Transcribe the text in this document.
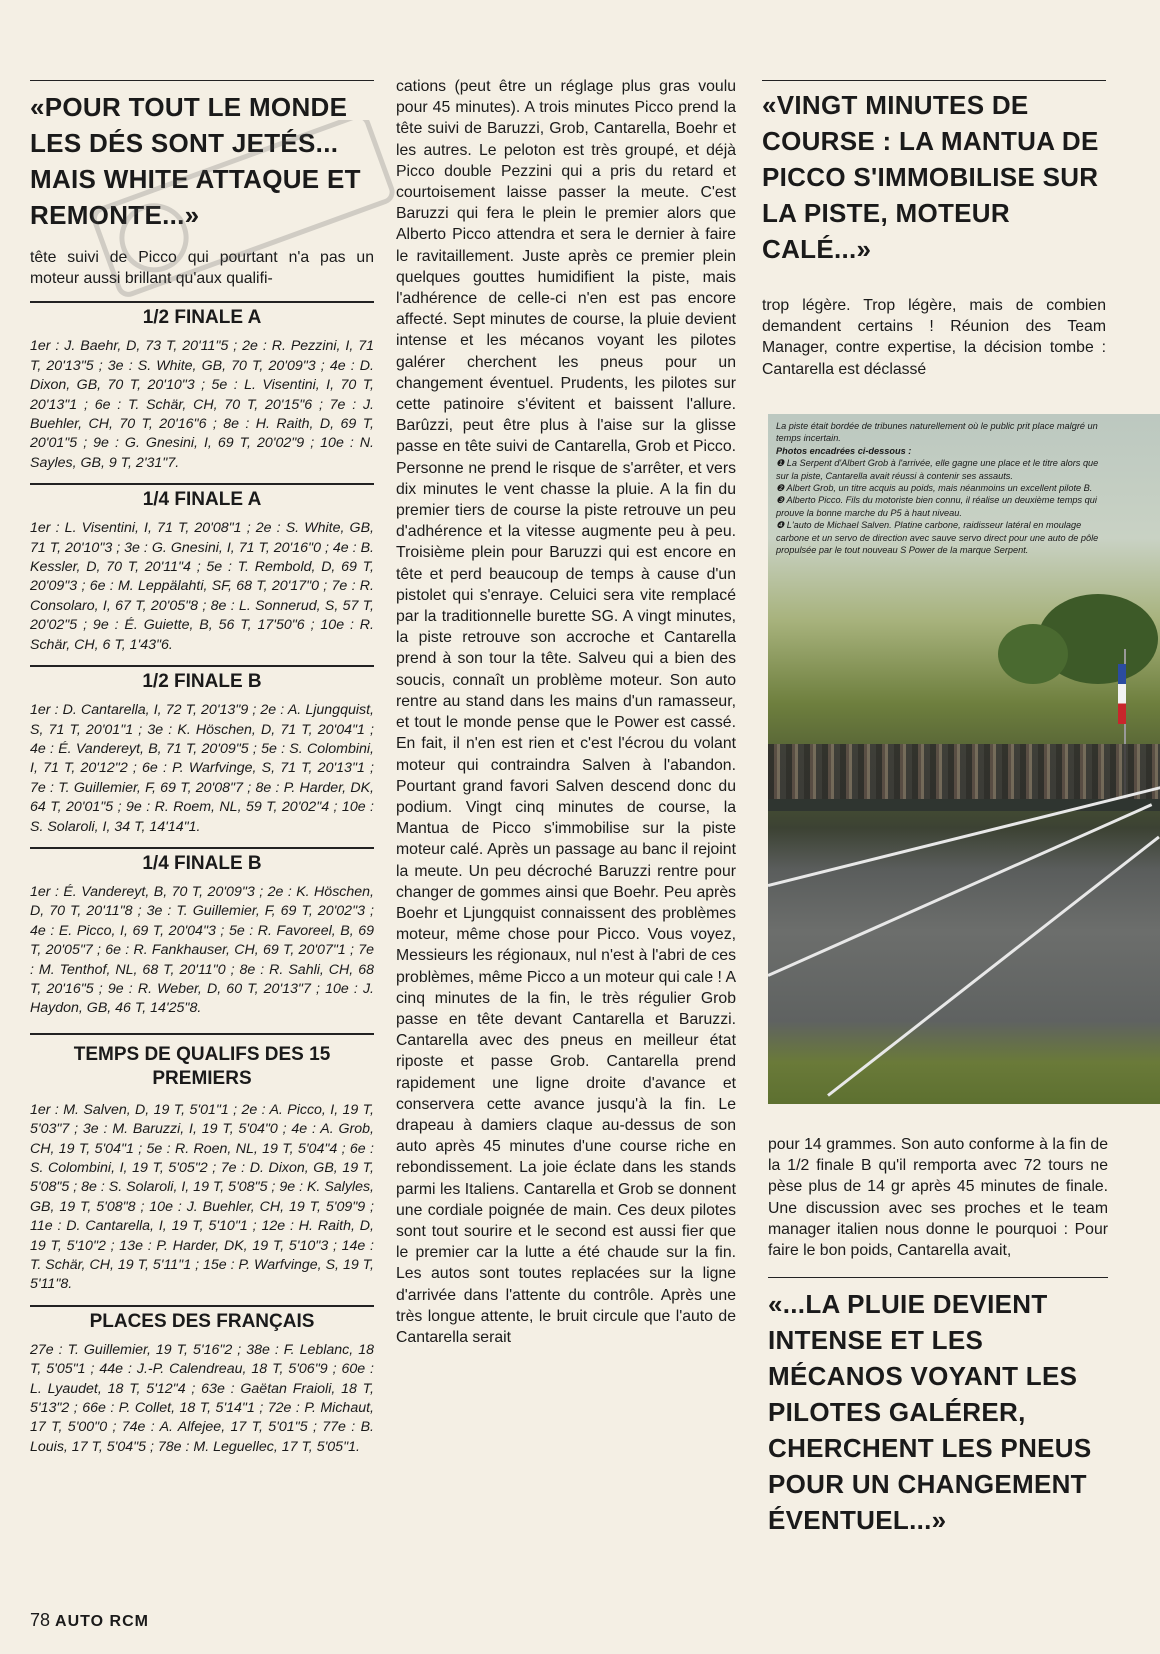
«POUR TOUT LE MONDE LES DÉS SONT JETÉS... MAIS WHITE ATTAQUE ET REMONTE...»

tête suivi de Picco qui pourtant n'a pas un moteur aussi brillant qu'aux qualifi-

1/2 FINALE A

1er : J. Baehr, D, 73 T, 20'11"5 ; 2e : R. Pezzini, I, 71 T, 20'13"5 ; 3e : S. White, GB, 70 T, 20'09"3 ; 4e : D. Dixon, GB, 70 T, 20'10"3 ; 5e : L. Visentini, I, 70 T, 20'13"1 ; 6e : T. Schär, CH, 70 T, 20'15"6 ; 7e : J. Buehler, CH, 70 T, 20'16"6 ; 8e : H. Raith, D, 69 T, 20'01"5 ; 9e : G. Gnesini, I, 69 T, 20'02"9 ; 10e : N. Sayles, GB, 9 T, 2'31"7.

1/4 FINALE A

1er : L. Visentini, I, 71 T, 20'08"1 ; 2e : S. White, GB, 71 T, 20'10"3 ; 3e : G. Gnesini, I, 71 T, 20'16"0 ; 4e : B. Kessler, D, 70 T, 20'11"4 ; 5e : T. Rembold, D, 69 T, 20'09"3 ; 6e : M. Leppälahti, SF, 68 T, 20'17"0 ; 7e : R. Consolaro, I, 67 T, 20'05"8 ; 8e : L. Sonnerud, S, 57 T, 20'02"5 ; 9e : É. Guiette, B, 56 T, 17'50"6 ; 10e : R. Schär, CH, 6 T, 1'43"6.

1/2 FINALE B

1er : D. Cantarella, I, 72 T, 20'13"9 ; 2e : A. Ljungquist, S, 71 T, 20'01"1 ; 3e : K. Höschen, D, 71 T, 20'04"1 ; 4e : É. Vandereyt, B, 71 T, 20'09"5 ; 5e : S. Colombini, I, 71 T, 20'12"2 ; 6e : P. Warfvinge, S, 71 T, 20'13"1 ; 7e : T. Guillemier, F, 69 T, 20'08"7 ; 8e : P. Harder, DK, 64 T, 20'01"5 ; 9e : R. Roem, NL, 59 T, 20'02"4 ; 10e : S. Solaroli, I, 34 T, 14'14"1.

1/4 FINALE B

1er : É. Vandereyt, B, 70 T, 20'09"3 ; 2e : K. Höschen, D, 70 T, 20'11"8 ; 3e : T. Guillemier, F, 69 T, 20'02"3 ; 4e : E. Picco, I, 69 T, 20'04"3 ; 5e : R. Favoreel, B, 69 T, 20'05"7 ; 6e : R. Fankhauser, CH, 69 T, 20'07"1 ; 7e : M. Tenthof, NL, 68 T, 20'11"0 ; 8e : R. Sahli, CH, 68 T, 20'16"5 ; 9e : R. Weber, D, 60 T, 20'13"7 ; 10e : J. Haydon, GB, 46 T, 14'25"8.

TEMPS DE QUALIFS DES 15 PREMIERS

1er : M. Salven, D, 19 T, 5'01"1 ; 2e : A. Picco, I, 19 T, 5'03"7 ; 3e : M. Baruzzi, I, 19 T, 5'04"0 ; 4e : A. Grob, CH, 19 T, 5'04"1 ; 5e : R. Roen, NL, 19 T, 5'04"4 ; 6e : S. Colombini, I, 19 T, 5'05"2 ; 7e : D. Dixon, GB, 19 T, 5'08"5 ; 8e : S. Solaroli, I, 19 T, 5'08"5 ; 9e : K. Salyles, GB, 19 T, 5'08"8 ; 10e : J. Buehler, CH, 19 T, 5'09"9 ; 11e : D. Cantarella, I, 19 T, 5'10"1 ; 12e : H. Raith, D, 19 T, 5'10"2 ; 13e : P. Harder, DK, 19 T, 5'10"3 ; 14e : T. Schär, CH, 19 T, 5'11"1 ; 15e : P. Warfvinge, S, 19 T, 5'11"8.

PLACES DES FRANÇAIS

27e : T. Guillemier, 19 T, 5'16"2 ; 38e : F. Leblanc, 18 T, 5'05"1 ; 44e : J.-P. Calendreau, 18 T, 5'06"9 ; 60e : L. Lyaudet, 18 T, 5'12"4 ; 63e : Gaëtan Fraioli, 18 T, 5'13"2 ; 66e : P. Collet, 18 T, 5'14"1 ; 72e : P. Michaut, 17 T, 5'00"0 ; 74e : A. Alfejee, 17 T, 5'01"5 ; 77e : B. Louis, 17 T, 5'04"5 ; 78e : M. Leguellec, 17 T, 5'05"1.

cations (peut être un réglage plus gras voulu pour 45 minutes). A trois minutes Picco prend la tête suivi de Baruzzi, Grob, Cantarella, Boehr et les autres. Le peloton est très groupé, et déjà Picco double Pezzini qui a pris du retard et courtoisement laisse passer la meute. C'est Baruzzi qui fera le plein le premier alors que Alberto Picco attendra et sera le dernier à faire le ravitaillement. Juste après ce premier plein quelques gouttes humidifient la piste, mais l'adhérence de celle-ci n'en est pas encore affecté. Sept minutes de course, la pluie devient intense et les mécanos voyant les pilotes galérer cherchent les pneus pour un changement éventuel. Prudents, les pilotes sur cette patinoire s'évitent et baissent l'allure. Barûzzi, peut être plus à l'aise sur la glisse passe en tête suivi de Cantarella, Grob et Picco. Personne ne prend le risque de s'arrêter, et vers dix minutes le vent chasse la pluie. A la fin du premier tiers de course la piste retrouve un peu d'adhérence et la vitesse augmente peu à peu. Troisième plein pour Baruzzi qui est encore en tête et perd beaucoup de temps à cause d'un pistolet qui s'enraye. Celuici sera vite remplacé par la traditionnelle burette SG. A vingt minutes, la piste retrouve son accroche et Cantarella prend à son tour la tête. Salveu qui a bien des soucis, connaît un problème moteur. Son auto rentre au stand dans les mains d'un ramasseur, et tout le monde pense que le Power est cassé. En fait, il n'en est rien et c'est l'écrou du volant moteur qui contraindra Salven à l'abandon. Pourtant grand favori Salven descend donc du podium. Vingt cinq minutes de course, la Mantua de Picco s'immobilise sur la piste moteur calé. Après un passage au banc il rejoint la meute. Un peu décroché Baruzzi rentre pour changer de gommes ainsi que Boehr. Peu après Boehr et Ljungquist connaissent des problèmes moteur, même chose pour Picco. Vous voyez, Messieurs les régionaux, nul n'est à l'abri de ces problèmes, même Picco a un moteur qui cale ! A cinq minutes de la fin, le très régulier Grob passe en tête devant Cantarella et Baruzzi. Cantarella avec des pneus en meilleur état riposte et passe Grob. Cantarella prend rapidement une ligne droite d'avance et conservera cette avance jusqu'à la fin. Le drapeau à damiers claque au-dessus de son auto après 45 minutes d'une course riche en rebondissement. La joie éclate dans les stands parmi les Italiens. Cantarella et Grob se donnent une cordiale poignée de main. Ces deux pilotes sont tout sourire et le second est aussi fier que le premier car la lutte a été chaude sur la fin. Les autos sont toutes replacées sur la ligne d'arrivée dans l'attente du contrôle. Après une très longue attente, le bruit circule que l'auto de Cantarella serait

«VINGT MINUTES DE COURSE : LA MANTUA DE PICCO S'IMMOBILISE SUR LA PISTE, MOTEUR CALÉ...»

trop légère. Trop légère, mais de combien demandent certains ! Réunion des Team Manager, contre expertise, la décision tombe : Cantarella est déclassé

La piste était bordée de tribunes naturellement où le public prit place malgré un temps incertain.

Photos encadrées ci-dessous :

❶ La Serpent d'Albert Grob à l'arrivée, elle gagne une place et le titre alors que sur la piste, Cantarella avait réussi à contenir ses assauts.

❷ Albert Grob, un titre acquis au poids, mais néanmoins un excellent pilote B.

❸ Alberto Picco. Fils du motoriste bien connu, il réalise un deuxième temps qui prouve la bonne marche du P5 à haut niveau.

❹ L'auto de Michael Salven. Platine carbone, raidisseur latéral en moulage carbone et un servo de direction avec sauve servo direct pour une auto de pôle propulsée par le tout nouveau S Power de la marque Serpent.

pour 14 grammes. Son auto conforme à la fin de la 1/2 finale B qu'il remporta avec 72 tours ne pèse plus de 14 gr après 45 minutes de finale. Une discussion avec ses proches et le team manager italien nous donne le pourquoi : Pour faire le bon poids, Cantarella avait,

«...LA PLUIE DEVIENT INTENSE ET LES MÉCANOS VOYANT LES PILOTES GALÉRER, CHERCHENT LES PNEUS POUR UN CHANGEMENT ÉVENTUEL...»
78 AUTO RCM
